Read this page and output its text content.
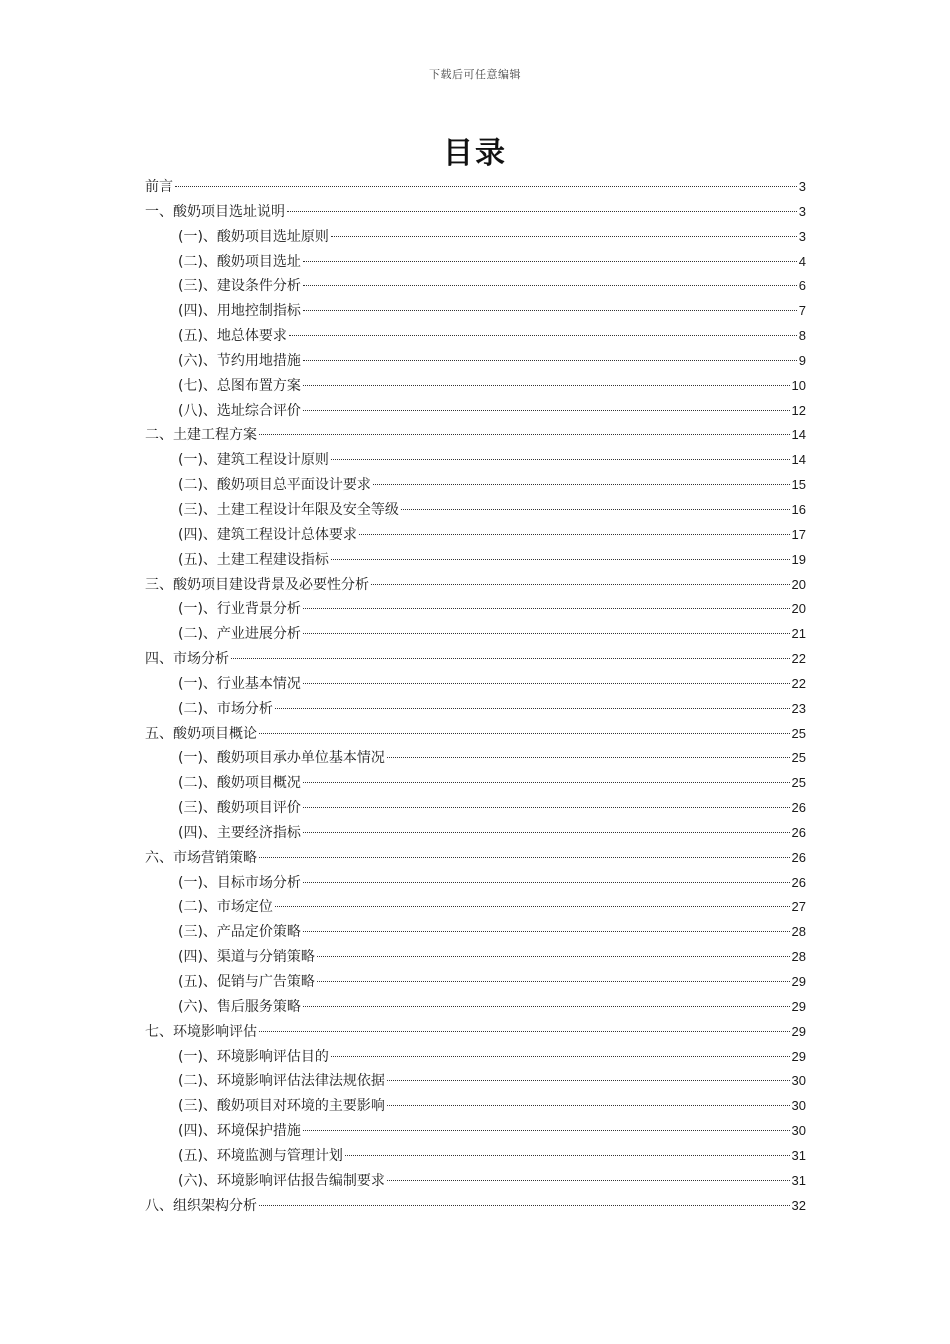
下载后可任意编辑
目录
前言	3
一、酸奶项目选址说明	3
(一)、酸奶项目选址原则	3
(二)、酸奶项目选址	4
(三)、建设条件分析	6
(四)、用地控制指标	7
(五)、地总体要求	8
(六)、节约用地措施	9
(七)、总图布置方案	10
(八)、选址综合评价	12
二、土建工程方案	14
(一)、建筑工程设计原则	14
(二)、酸奶项目总平面设计要求	15
(三)、土建工程设计年限及安全等级	16
(四)、建筑工程设计总体要求	17
(五)、土建工程建设指标	19
三、酸奶项目建设背景及必要性分析	20
(一)、行业背景分析	20
(二)、产业进展分析	21
四、市场分析	22
(一)、行业基本情况	22
(二)、市场分析	23
五、酸奶项目概论	25
(一)、酸奶项目承办单位基本情况	25
(二)、酸奶项目概况	25
(三)、酸奶项目评价	26
(四)、主要经济指标	26
六、市场营销策略	26
(一)、目标市场分析	26
(二)、市场定位	27
(三)、产品定价策略	28
(四)、渠道与分销策略	28
(五)、促销与广告策略	29
(六)、售后服务策略	29
七、环境影响评估	29
(一)、环境影响评估目的	29
(二)、环境影响评估法律法规依据	30
(三)、酸奶项目对环境的主要影响	30
(四)、环境保护措施	30
(五)、环境监测与管理计划	31
(六)、环境影响评估报告编制要求	31
八、组织架构分析	32
